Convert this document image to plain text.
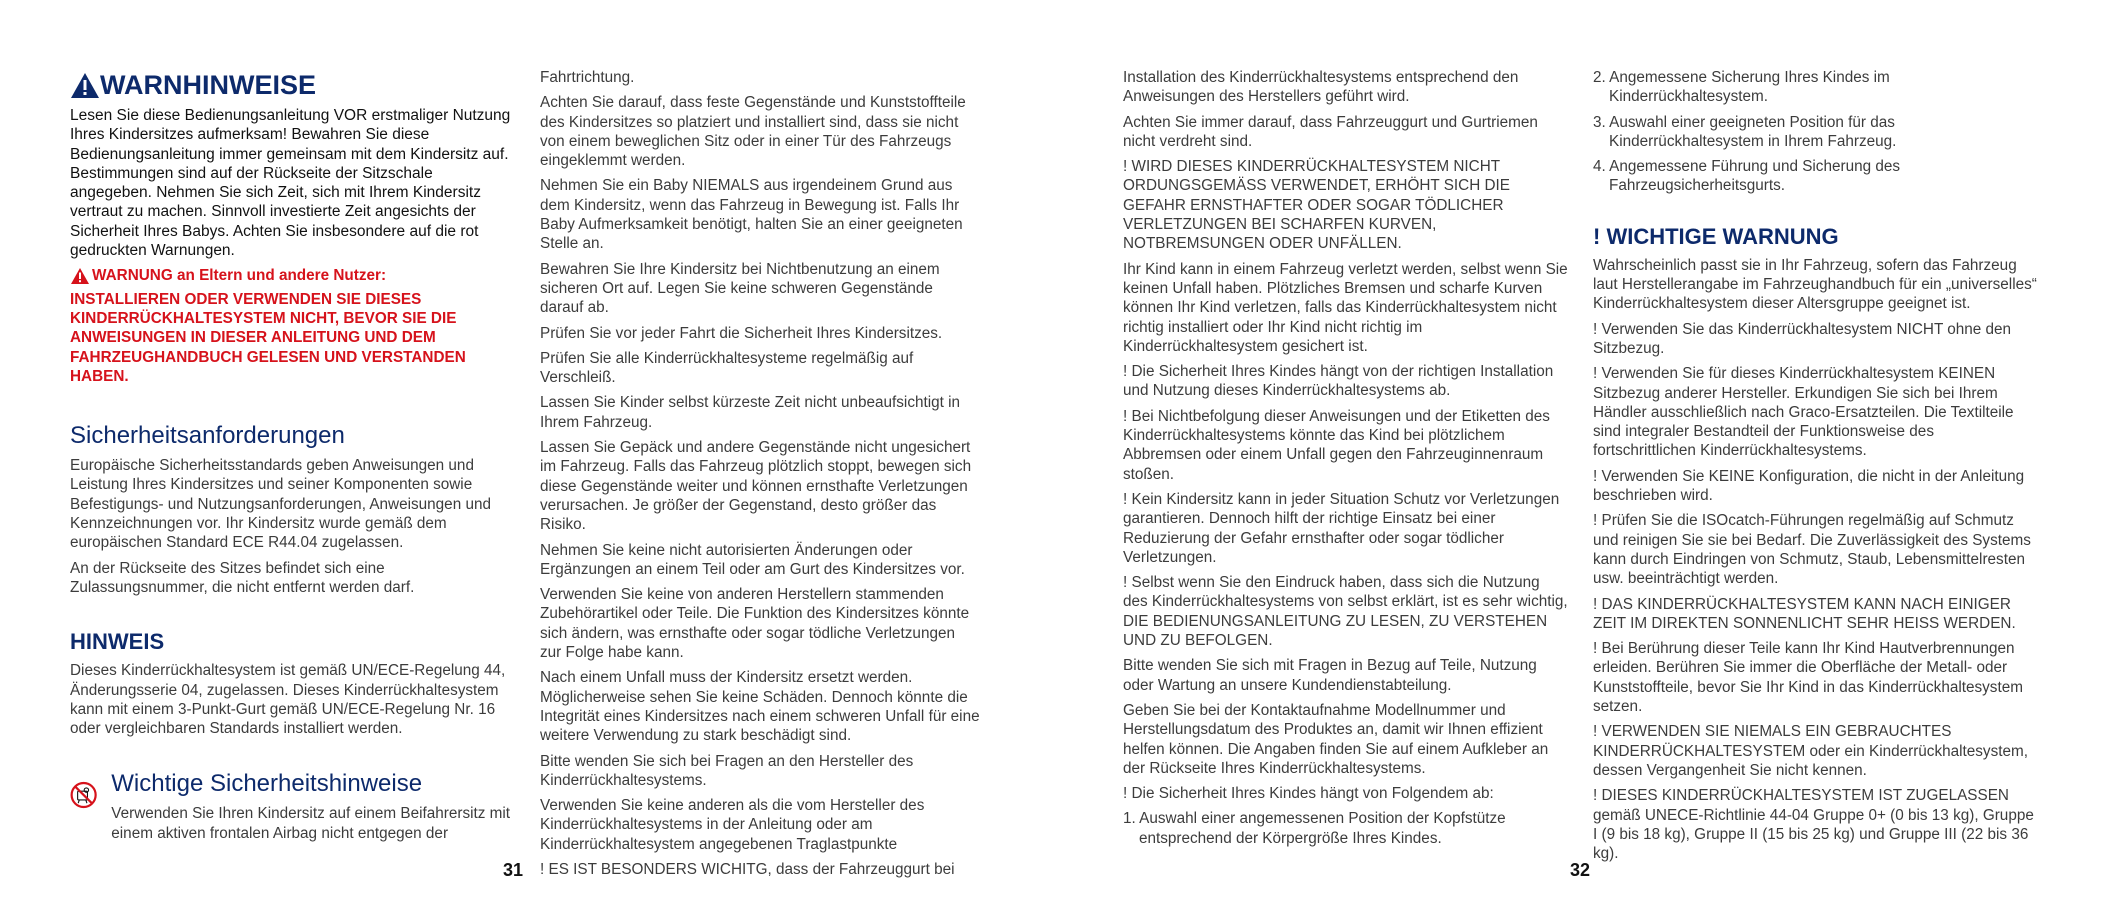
WARNHINWEISE

Lesen Sie diese Bedienungsanleitung VOR erstmaliger Nutzung Ihres Kindersitzes aufmerksam! Bewahren Sie diese Bedienungsanleitung immer gemeinsam mit dem Kindersitz auf. Bestimmungen sind auf der Rückseite der Sitzschale angegeben. Nehmen Sie sich Zeit, sich mit Ihrem Kindersitz vertraut zu machen. Sinnvoll investierte Zeit angesichts der Sicherheit Ihres Babys. Achten Sie insbesondere auf die rot gedruckten Warnungen.

WARNUNG an Eltern und andere Nutzer:

INSTALLIEREN ODER VERWENDEN SIE DIESES KINDERRÜCKHALTESYSTEM NICHT, BEVOR SIE DIE ANWEISUNGEN IN DIESER ANLEITUNG UND DEM FAHRZEUGHANDBUCH GELESEN UND VERSTANDEN HABEN.

Sicherheitsanforderungen

Europäische Sicherheitsstandards geben Anweisungen und Leistung Ihres Kindersitzes und seiner Komponenten sowie Befestigungs- und Nutzungsanforderungen, Anweisungen und Kennzeichnungen vor. Ihr Kindersitz wurde gemäß dem europäischen Standard ECE R44.04 zugelassen.

An der Rückseite des Sitzes befindet sich eine Zulassungsnummer, die nicht entfernt werden darf.

HINWEIS

Dieses Kinderrückhaltesystem ist gemäß UN/ECE-Regelung 44, Änderungsserie 04, zugelassen. Dieses Kinderrückhaltesystem kann mit einem 3-Punkt-Gurt gemäß UN/ECE-Regelung Nr. 16 oder vergleichbaren Standards installiert werden.

Wichtige Sicherheitshinweise

Verwenden Sie Ihren Kindersitz auf einem Beifahrersitz mit einem aktiven frontalen Airbag nicht entgegen der

Fahrtrichtung.

Achten Sie darauf, dass feste Gegenstände und Kunststoffteile des Kindersitzes so platziert und installiert sind, dass sie nicht von einem beweglichen Sitz oder in einer Tür des Fahrzeugs eingeklemmt werden.

Nehmen Sie ein Baby NIEMALS aus irgendeinem Grund aus dem Kindersitz, wenn das Fahrzeug in Bewegung ist. Falls Ihr Baby Aufmerksamkeit benötigt, halten Sie an einer geeigneten Stelle an.

Bewahren Sie Ihre Kindersitz bei Nichtbenutzung an einem sicheren Ort auf. Legen Sie keine schweren Gegenstände darauf ab.

Prüfen Sie vor jeder Fahrt die Sicherheit Ihres Kindersitzes.

Prüfen Sie alle Kinderrückhaltesysteme regelmäßig auf Verschleiß.

Lassen Sie Kinder selbst kürzeste Zeit nicht unbeaufsichtigt in Ihrem Fahrzeug.

Lassen Sie Gepäck und andere Gegenstände nicht ungesichert im Fahrzeug. Falls das Fahrzeug plötzlich stoppt, bewegen sich diese Gegenstände weiter und können ernsthafte Verletzungen verursachen. Je größer der Gegenstand, desto größer das Risiko.

Nehmen Sie keine nicht autorisierten Änderungen oder Ergänzungen an einem Teil oder am Gurt des Kindersitzes vor.

Verwenden Sie keine von anderen Herstellern stammenden Zubehörartikel oder Teile. Die Funktion des Kindersitzes könnte sich ändern, was ernsthafte oder sogar tödliche Verletzungen zur Folge habe kann.

Nach einem Unfall muss der Kindersitz ersetzt werden. Möglicherweise sehen Sie keine Schäden. Dennoch könnte die Integrität eines Kindersitzes nach einem schweren Unfall für eine weitere Verwendung zu stark beschädigt sind.

Bitte wenden Sie sich bei Fragen an den Hersteller des Kinderrückhaltesystems.

Verwenden Sie keine anderen als die vom Hersteller des Kinderrückhaltesystems in der Anleitung oder am Kinderrückhaltesystem angegebenen Traglastpunkte

! ES IST BESONDERS WICHITG, dass der Fahrzeuggurt bei

Installation des Kinderrückhaltesystems entsprechend den Anweisungen des Herstellers geführt wird.

Achten Sie immer darauf, dass Fahrzeuggurt und Gurtriemen nicht verdreht sind.

! WIRD DIESES KINDERRÜCKHALTESYSTEM NICHT ORDUNGSGEMÄSS VERWENDET, ERHÖHT SICH DIE GEFAHR ERNSTHAFTER ODER SOGAR TÖDLICHER VERLETZUNGEN BEI SCHARFEN KURVEN, NOTBREMSUNGEN ODER UNFÄLLEN.

Ihr Kind kann in einem Fahrzeug verletzt werden, selbst wenn Sie keinen Unfall haben. Plötzliches Bremsen und scharfe Kurven können Ihr Kind verletzen, falls das Kinderrückhaltesystem nicht richtig installiert oder Ihr Kind nicht richtig im Kinderrückhaltesystem gesichert ist.

! Die Sicherheit Ihres Kindes hängt von der richtigen Installation und Nutzung dieses Kinderrückhaltesystems ab.

! Bei Nichtbefolgung dieser Anweisungen und der Etiketten des Kinderrückhaltesystems könnte das Kind bei plötzlichem Abbremsen oder einem Unfall gegen den Fahrzeuginnenraum stoßen.

! Kein Kindersitz kann in jeder Situation Schutz vor Verletzungen garantieren. Dennoch hilft der richtige Einsatz bei einer Reduzierung der Gefahr ernsthafter oder sogar tödlicher Verletzungen.

! Selbst wenn Sie den Eindruck haben, dass sich die Nutzung des Kinderrückhaltesystems von selbst erklärt, ist es sehr wichtig, DIE BEDIENUNGSANLEITUNG ZU LESEN, ZU VERSTEHEN UND ZU BEFOLGEN.

Bitte wenden Sie sich mit Fragen in Bezug auf Teile, Nutzung oder Wartung an unsere Kundendienstabteilung.

Geben Sie bei der Kontaktaufnahme Modellnummer und Herstellungsdatum des Produktes an, damit wir Ihnen effizient helfen können. Die Angaben finden Sie auf einem Aufkleber an der Rückseite Ihres Kinderrückhaltesystems.

! Die Sicherheit Ihres Kindes hängt von Folgendem ab:

1. Auswahl einer angemessenen Position der Kopfstütze entsprechend der Körpergröße Ihres Kindes.

2. Angemessene Sicherung Ihres Kindes im Kinderrückhaltesystem.

3. Auswahl einer geeigneten Position für das Kinderrückhaltesystem in Ihrem Fahrzeug.

4. Angemessene Führung und Sicherung des Fahrzeugsicherheitsgurts.

! WICHTIGE WARNUNG

Wahrscheinlich passt sie in Ihr Fahrzeug, sofern das Fahrzeug laut Herstellerangabe im Fahrzeughandbuch für ein „universelles“ Kinderrückhaltesystem dieser Altersgruppe geeignet ist.

! Verwenden Sie das Kinderrückhaltesystem NICHT ohne den Sitzbezug.

! Verwenden Sie für dieses Kinderrückhaltesystem KEINEN Sitzbezug anderer Hersteller. Erkundigen Sie sich bei Ihrem Händler ausschließlich nach Graco-Ersatzteilen. Die Textilteile sind integraler Bestandteil der Funktionsweise des fortschrittlichen Kinderrückhaltesystems.

! Verwenden Sie KEINE Konfiguration, die nicht in der Anleitung beschrieben wird.

! Prüfen Sie die ISOcatch-Führungen regelmäßig auf Schmutz und reinigen Sie sie bei Bedarf. Die Zuverlässigkeit des Systems kann durch Eindringen von Schmutz, Staub, Lebensmittelresten usw. beeinträchtigt werden.

! DAS KINDERRÜCKHALTESYSTEM KANN NACH EINIGER ZEIT IM DIREKTEN SONNENLICHT SEHR HEISS WERDEN.

! Bei Berührung dieser Teile kann Ihr Kind Hautverbrennungen erleiden. Berühren Sie immer die Oberfläche der Metall- oder Kunststoffteile, bevor Sie Ihr Kind in das Kinderrückhaltesystem setzen.

! VERWENDEN SIE NIEMALS EIN GEBRAUCHTES KINDERRÜCKHALTESYSTEM oder ein Kinderrückhaltesystem, dessen Vergangenheit Sie nicht kennen.

! DIESES KINDERRÜCKHALTESYSTEM IST ZUGELASSEN gemäß UNECE-Richtlinie 44-04 Gruppe 0+ (0 bis 13 kg), Gruppe I (9 bis 18 kg), Gruppe II (15 bis 25 kg) und Gruppe III (22 bis 36 kg).

31	32
